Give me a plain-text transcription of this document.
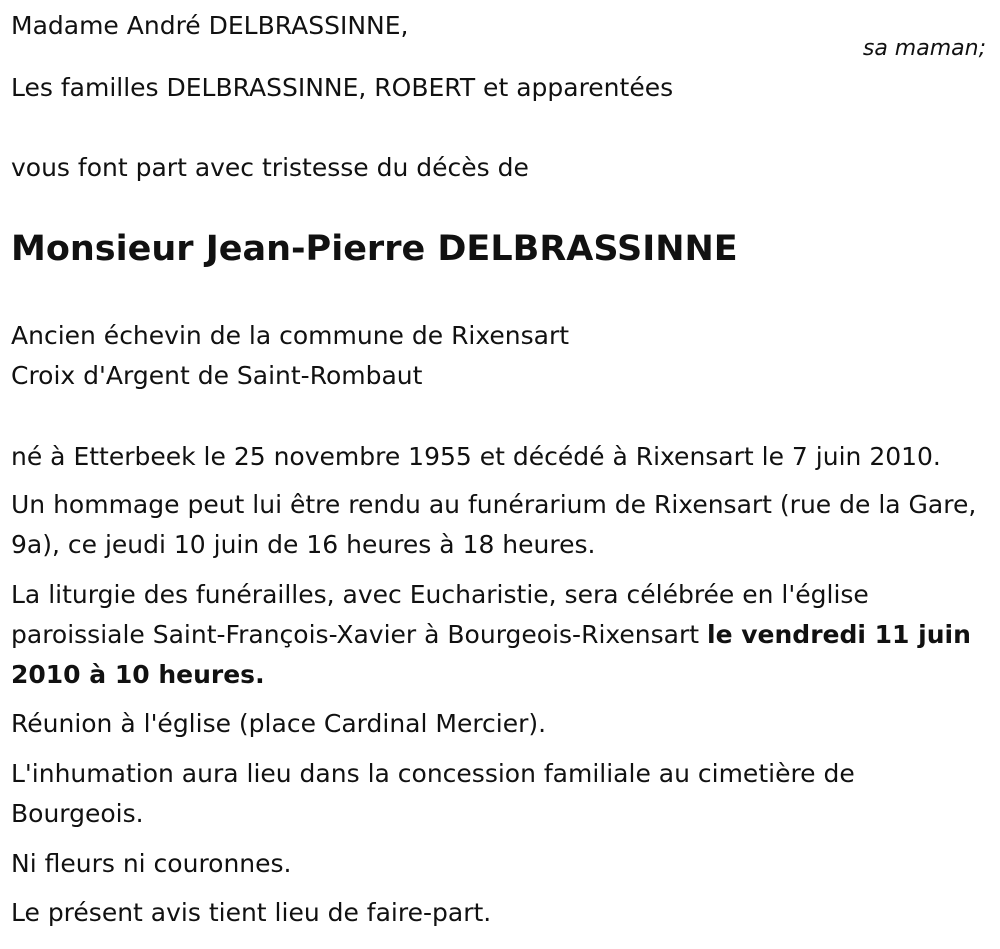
Madame André DELBRASSINNE,
sa maman;
Les familles DELBRASSINNE, ROBERT et apparentées
vous font part avec tristesse du décès de
Monsieur Jean-Pierre DELBRASSINNE
Ancien échevin de la commune de Rixensart
Croix d'Argent de Saint-Rombaut
né à Etterbeek le 25 novembre 1955 et décédé à Rixensart le 7 juin 2010.
Un hommage peut lui être rendu au funérarium de Rixensart (rue de la Gare, 9a), ce jeudi 10 juin de 16 heures à 18 heures.
La liturgie des funérailles, avec Eucharistie, sera célébrée en l'église paroissiale Saint-François-Xavier à Bourgeois-Rixensart le vendredi 11 juin 2010 à 10 heures.
Réunion à l'église (place Cardinal Mercier).
L'inhumation aura lieu dans la concession familiale au cimetière de Bourgeois.
Ni fleurs ni couronnes.
Le présent avis tient lieu de faire-part.
